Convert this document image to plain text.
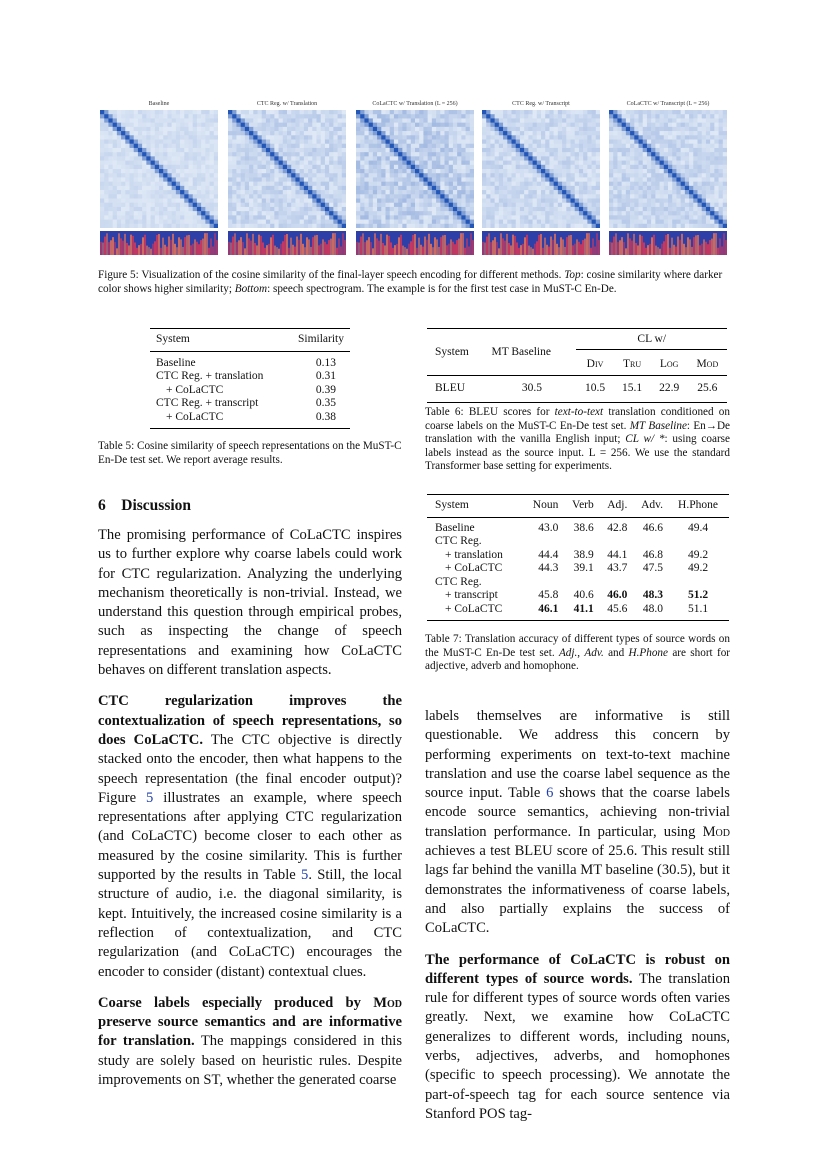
Baseline	CTC Reg. w/ Translation	CoLaCTC w/ Translation (L = 256)	CTC Reg. w/ Transcript	CoLaCTC w/ Transcript (L = 256)
Figure 5: Visualization of the cosine similarity of the final-layer speech encoding for different methods. Top: cosine similarity where darker color shows higher similarity; Bottom: speech spectrogram. The example is for the first test case in MuST-C En-De.
System	Similarity
Baseline	0.13
CTC Reg. + translation	0.31
+ CoLaCTC	0.39
CTC Reg. + transcript	0.35
+ CoLaCTC	0.38
Table 5: Cosine similarity of speech representations on the MuST-C En-De test set. We report average results.
System	MT Baseline	CL w/			
		Div	Tru	Log	Mod
BLEU	30.5	10.5	15.1	22.9	25.6
Table 6: BLEU scores for text-to-text translation conditioned on coarse labels on the MuST-C En-De test set. MT Baseline: En→De translation with the vanilla English input; CL w/ *: using coarse labels instead as the source input. L = 256. We use the standard Transformer base setting for experiments.
System	Noun	Verb	Adj.	Adv.	H.Phone
Baseline	43.0	38.6	42.8	46.6	49.4
CTC Reg.					
+ translation	44.4	38.9	44.1	46.8	49.2
+ CoLaCTC	44.3	39.1	43.7	47.5	49.2
CTC Reg.					
+ transcript	45.8	40.6	46.0	48.3	51.2
+ CoLaCTC	46.1	41.1	45.6	48.0	51.1
Table 7: Translation accuracy of different types of source words on the MuST-C En-De test set. Adj., Adv. and H.Phone are short for adjective, adverb and homophone.
6 Discussion

The promising performance of CoLaCTC inspires us to further explore why coarse labels could work for CTC regularization. Analyzing the underlying mechanism theoretically is non-trivial. Instead, we understand this question through empirical probes, such as inspecting the change of speech representations and examining how CoLaCTC behaves on different translation aspects.

CTC regularization improves the contextualization of speech representations, so does CoLaCTC. The CTC objective is directly stacked onto the encoder, then what happens to the speech representation (the final encoder output)? Figure 5 illustrates an example, where speech representations after applying CTC regularization (and CoLaCTC) become closer to each other as measured by the cosine similarity. This is further supported by the results in Table 5. Still, the local structure of audio, i.e. the diagonal similarity, is kept. Intuitively, the increased cosine similarity is a reflection of contextualization, and CTC regularization (and CoLaCTC) encourages the encoder to consider (distant) contextual clues.

Coarse labels especially produced by Mod preserve source semantics and are informative for translation. The mappings considered in this study are solely based on heuristic rules. Despite improvements on ST, whether the generated coarse

labels themselves are informative is still questionable. We address this concern by performing experiments on text-to-text machine translation and use the coarse label sequence as the source input. Table 6 shows that the coarse labels encode source semantics, achieving non-trivial translation performance. In particular, using Mod achieves a test BLEU score of 25.6. This result still lags far behind the vanilla MT baseline (30.5), but it demonstrates the informativeness of coarse labels, and also partially explains the success of CoLaCTC.

The performance of CoLaCTC is robust on different types of source words. The translation rule for different types of source words often varies greatly. Next, we examine how CoLaCTC generalizes to different words, including nouns, verbs, adjectives, adverbs, and homophones (specific to speech processing). We annotate the part-of-speech tag for each source sentence via Stanford POS tag-
